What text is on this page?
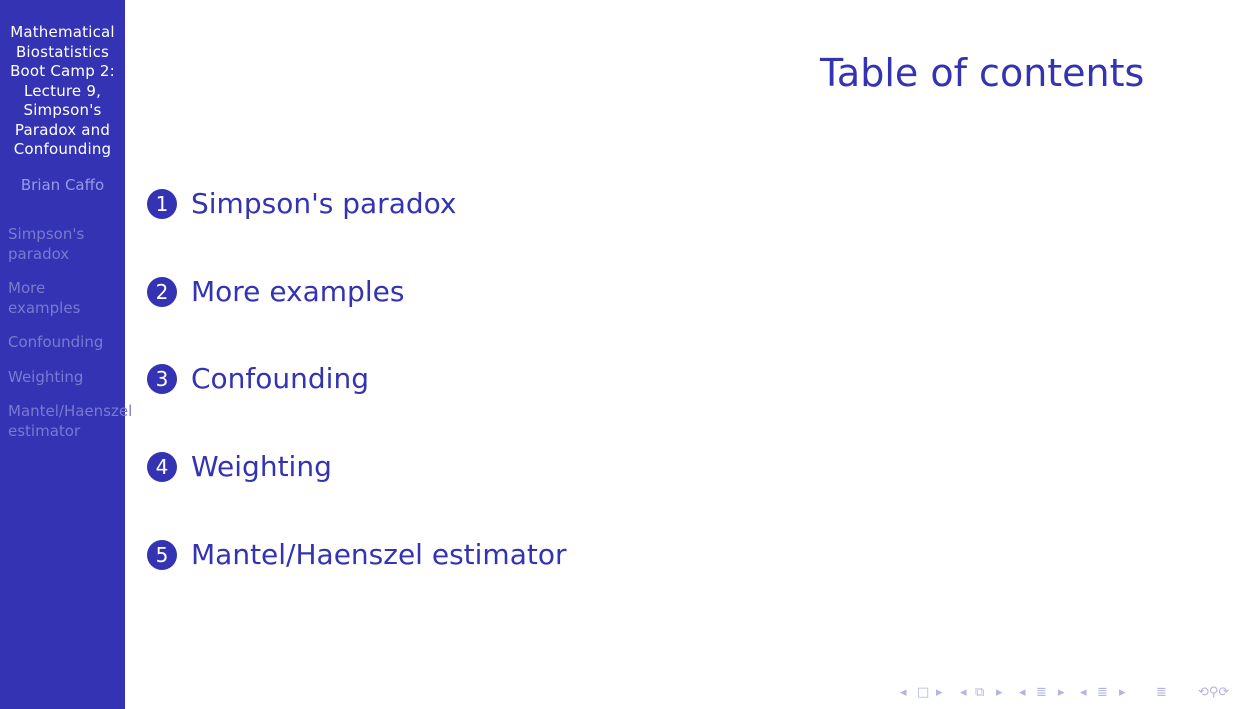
Mathematical
Biostatistics
Boot Camp 2:
Lecture 9,
Simpson's
Paradox and
Confounding
Brian Caffo
Simpson's
paradox
More
examples
Confounding
Weighting
Mantel/Haenszel
estimator
Table of contents
1 Simpson's paradox
2 More examples
3 Confounding
4 Weighting
5 Mantel/Haenszel estimator
◂ □ ▸ ◂ ⧉ ▸ ◂ ≣ ▸ ◂ ≣ ▸ ≣ ⟲⚲⟳
